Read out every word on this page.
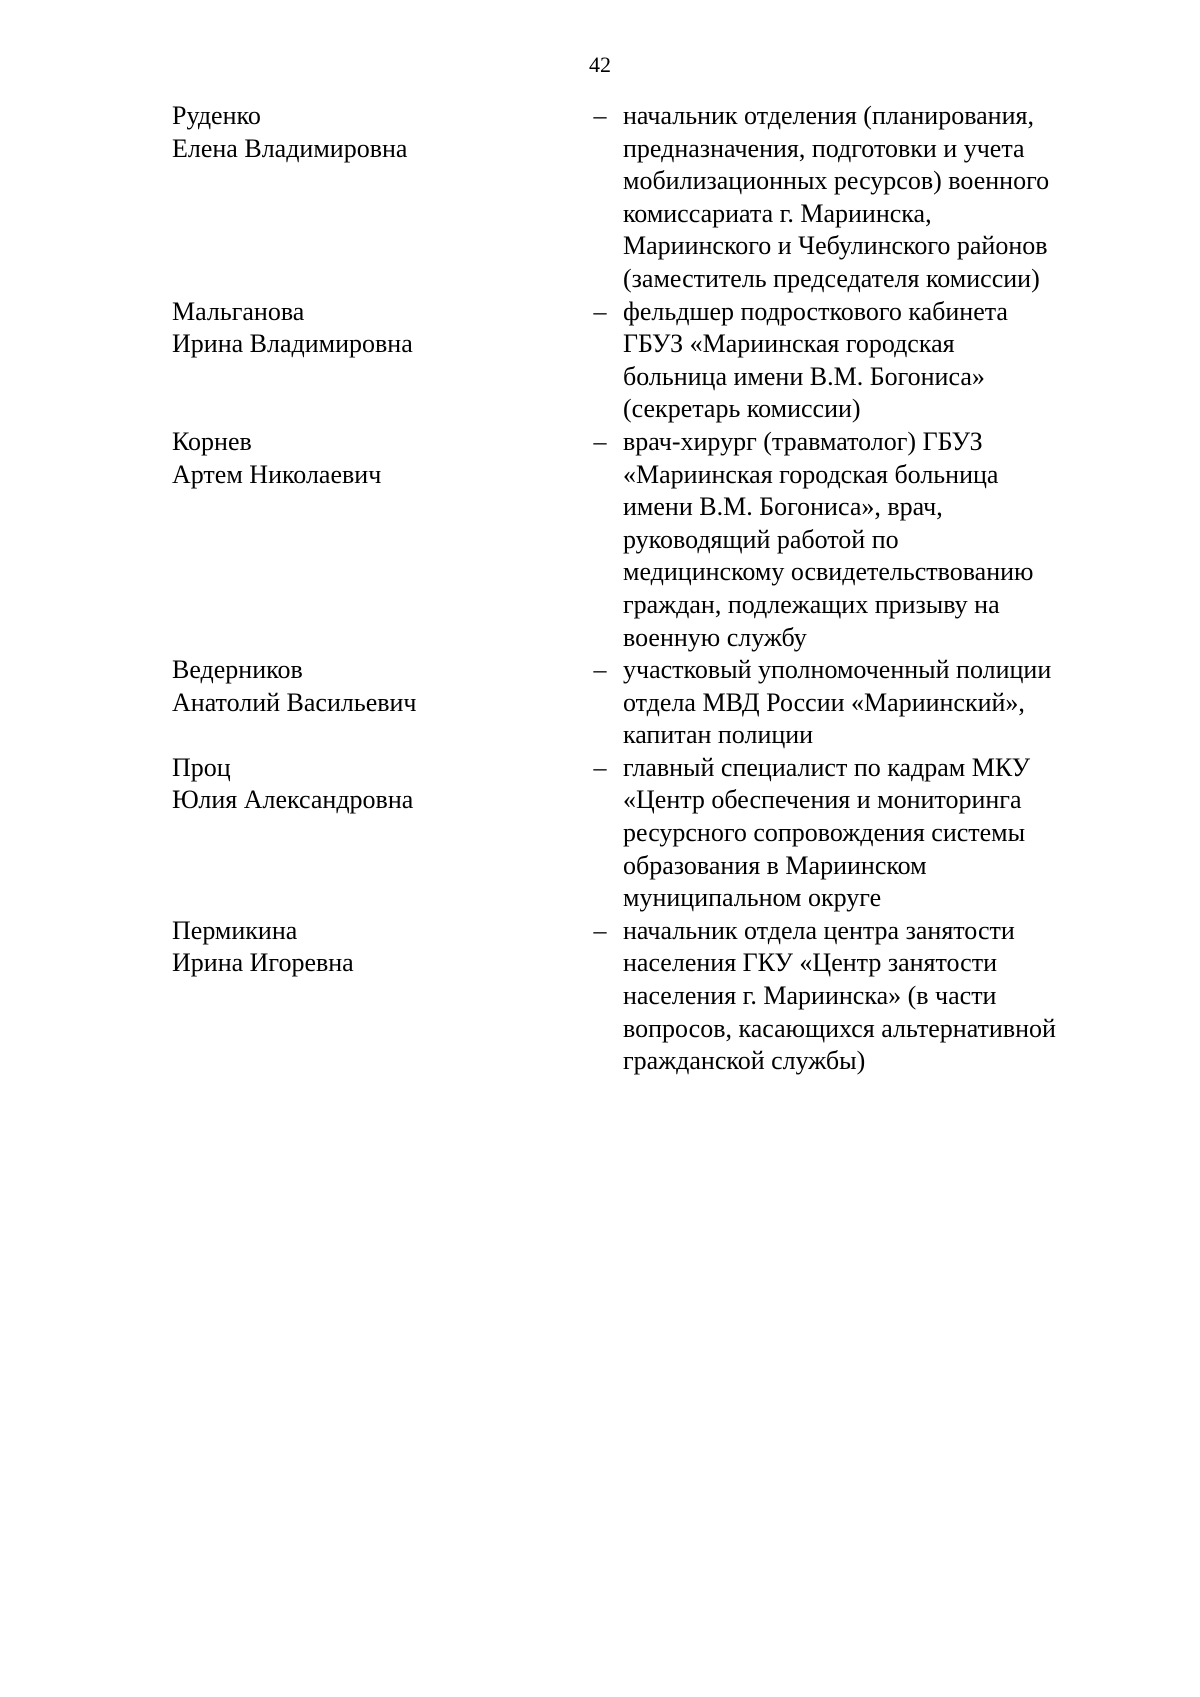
42
Руденко
Елена Владимировна
– начальник отделения (планирования,
предназначения, подготовки и учета
мобилизационных ресурсов) военного
комиссариата г. Мариинска,
Мариинского и Чебулинского районов
(заместитель председателя комиссии)
Мальганова
Ирина Владимировна
– фельдшер подросткового кабинета
ГБУЗ «Мариинская городская
больница имени В.М. Богониса»
(секретарь комиссии)
Корнев
Артем Николаевич
– врач-хирург (травматолог) ГБУЗ
«Мариинская городская больница
имени В.М. Богониса», врач,
руководящий работой по
медицинскому освидетельствованию
граждан, подлежащих призыву на
военную службу
Ведерников
Анатолий Васильевич
– участковый уполномоченный полиции
отдела МВД России «Мариинский»,
капитан полиции
Проц
Юлия Александровна
– главный специалист по кадрам МКУ
«Центр обеспечения и мониторинга
ресурсного сопровождения системы
образования в Мариинском
муниципальном округе
Пермикина
Ирина Игоревна
– начальник отдела центра занятости
населения ГКУ «Центр занятости
населения г. Мариинска» (в части
вопросов, касающихся альтернативной
гражданской службы)
